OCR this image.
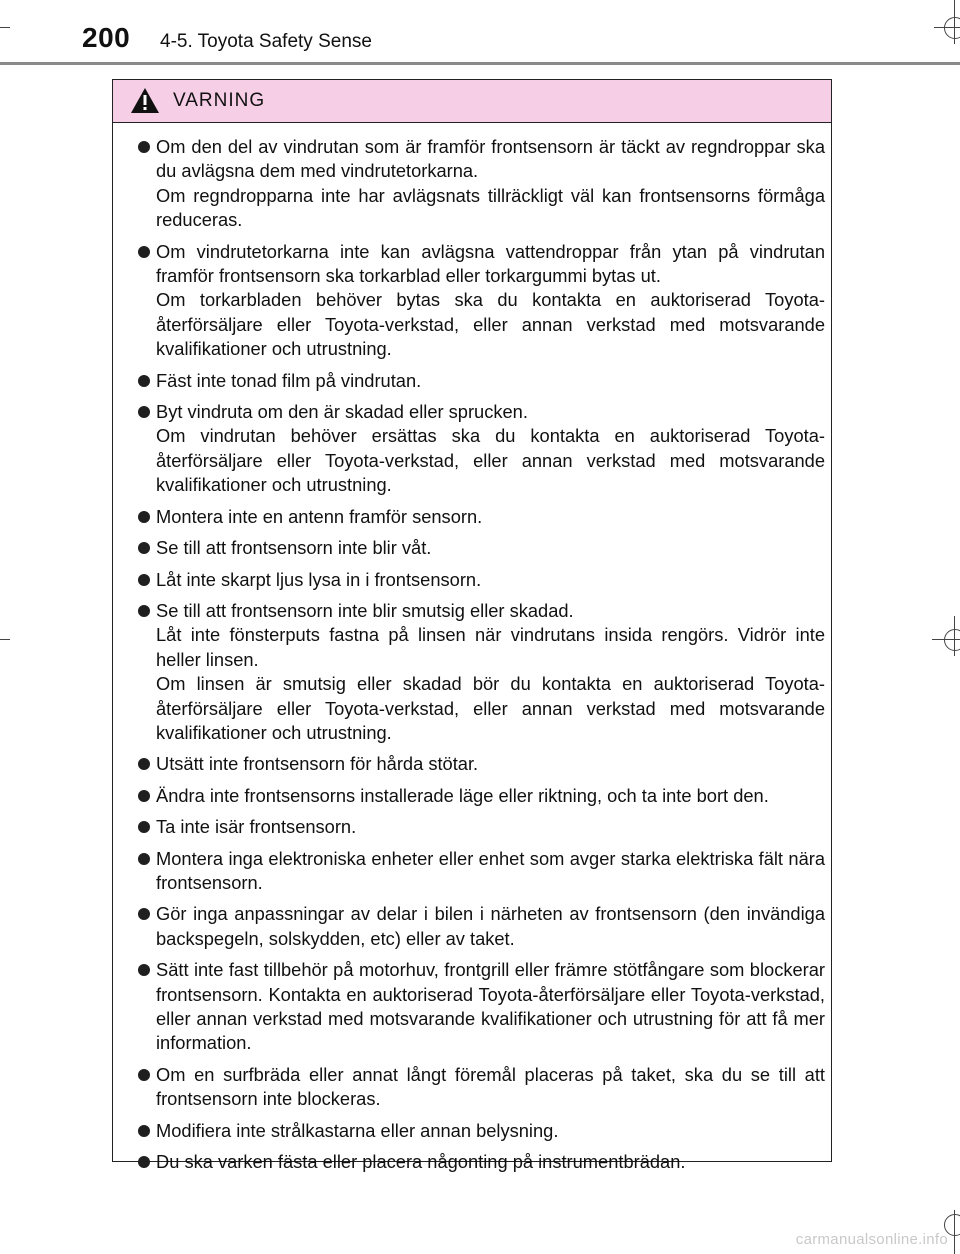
200 4-5. Toyota Safety Sense
VARNING
Om den del av vindrutan som är framför frontsensorn är täckt av regndroppar ska du avlägsna dem med vindrutetorkarna.
Om regndropparna inte har avlägsnats tillräckligt väl kan frontsensorns förmåga reduceras.
Om vindrutetorkarna inte kan avlägsna vattendroppar från ytan på vindrutan framför frontsensorn ska torkarblad eller torkargummi bytas ut.
Om torkarbladen behöver bytas ska du kontakta en auktoriserad Toyota-återförsäljare eller Toyota-verkstad, eller annan verkstad med motsvarande kvalifikationer och utrustning.
Fäst inte tonad film på vindrutan.
Byt vindruta om den är skadad eller sprucken.
Om vindrutan behöver ersättas ska du kontakta en auktoriserad Toyota-återförsäljare eller Toyota-verkstad, eller annan verkstad med motsvarande kvalifikationer och utrustning.
Montera inte en antenn framför sensorn.
Se till att frontsensorn inte blir våt.
Låt inte skarpt ljus lysa in i frontsensorn.
Se till att frontsensorn inte blir smutsig eller skadad.
Låt inte fönsterputs fastna på linsen när vindrutans insida rengörs. Vidrör inte heller linsen.
Om linsen är smutsig eller skadad bör du kontakta en auktoriserad Toyota-återförsäljare eller Toyota-verkstad, eller annan verkstad med motsvarande kvalifikationer och utrustning.
Utsätt inte frontsensorn för hårda stötar.
Ändra inte frontsensorns installerade läge eller riktning, och ta inte bort den.
Ta inte isär frontsensorn.
Montera inga elektroniska enheter eller enhet som avger starka elektriska fält nära frontsensorn.
Gör inga anpassningar av delar i bilen i närheten av frontsensorn (den invändiga backspegeln, solskydden, etc) eller av taket.
Sätt inte fast tillbehör på motorhuv, frontgrill eller främre stötfångare som blockerar frontsensorn. Kontakta en auktoriserad Toyota-återförsäljare eller Toyota-verkstad, eller annan verkstad med motsvarande kvalifikationer och utrustning för att få mer information.
Om en surfbräda eller annat långt föremål placeras på taket, ska du se till att frontsensorn inte blockeras.
Modifiera inte strålkastarna eller annan belysning.
Du ska varken fästa eller placera någonting på instrumentbrädan.
carmanualsonline.info
